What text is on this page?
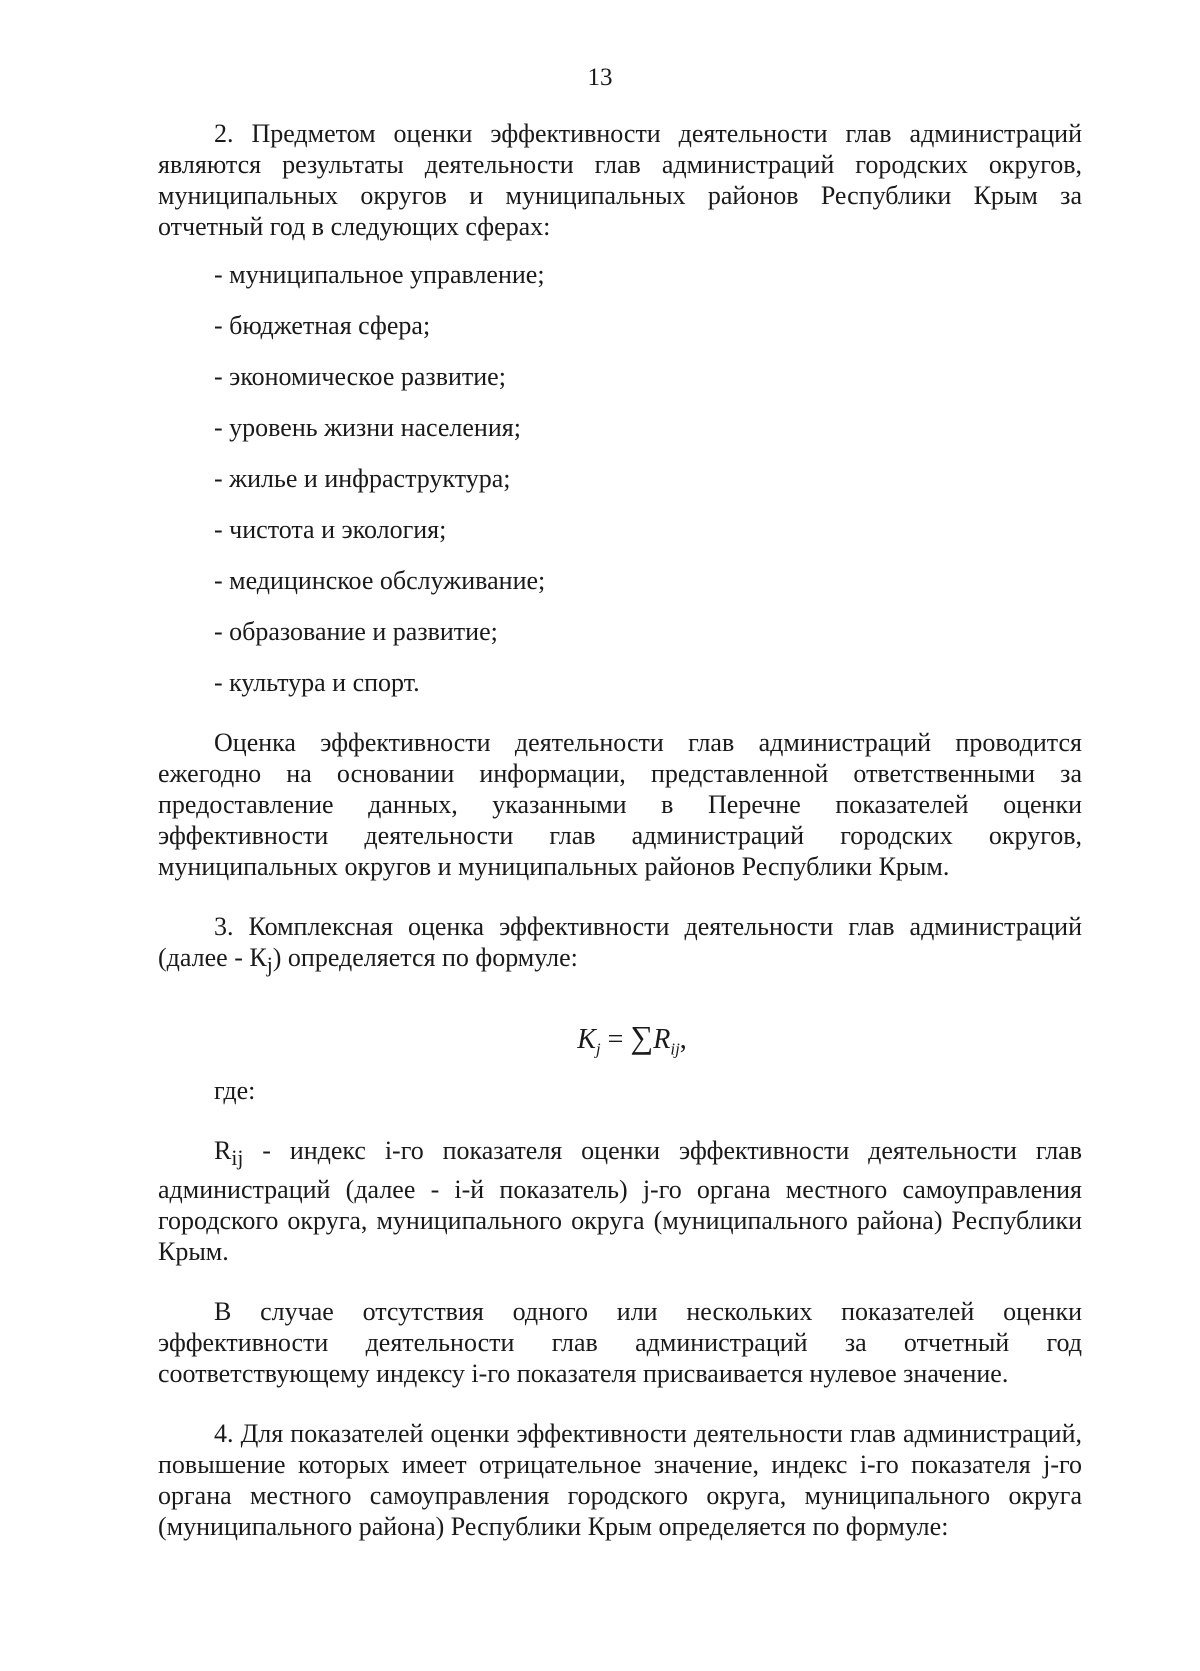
13

2. Предметом оценки эффективности деятельности глав администраций являются результаты деятельности глав администраций городских округов, муниципальных округов и муниципальных районов Республики Крым за отчетный год в следующих сферах:

- муниципальное управление;
- бюджетная сфера;
- экономическое развитие;
- уровень жизни населения;
- жилье и инфраструктура;
- чистота и экология;
- медицинское обслуживание;
- образование и развитие;
- культура и спорт.

Оценка эффективности деятельности глав администраций проводится ежегодно на основании информации, представленной ответственными за предоставление данных, указанными в Перечне показателей оценки эффективности деятельности глав администраций городских округов, муниципальных округов и муниципальных районов Республики Крым.

3. Комплексная оценка эффективности деятельности глав администраций (далее - $К_j$) определяется по формуле:

$K_j = \sum R_{ij}$,

где:

$R_{ij}$ - индекс i-го показателя оценки эффективности деятельности глав администраций (далее - i-й показатель) j-го органа местного самоуправления городского округа, муниципального округа (муниципального района) Республики Крым.

В случае отсутствия одного или нескольких показателей оценки эффективности деятельности глав администраций за отчетный год соответствующему индексу i-го показателя присваивается нулевое значение.

4. Для показателей оценки эффективности деятельности глав администраций, повышение которых имеет отрицательное значение, индекс i-го показателя j-го органа местного самоуправления городского округа, муниципального округа (муниципального района) Республики Крым определяется по формуле:
